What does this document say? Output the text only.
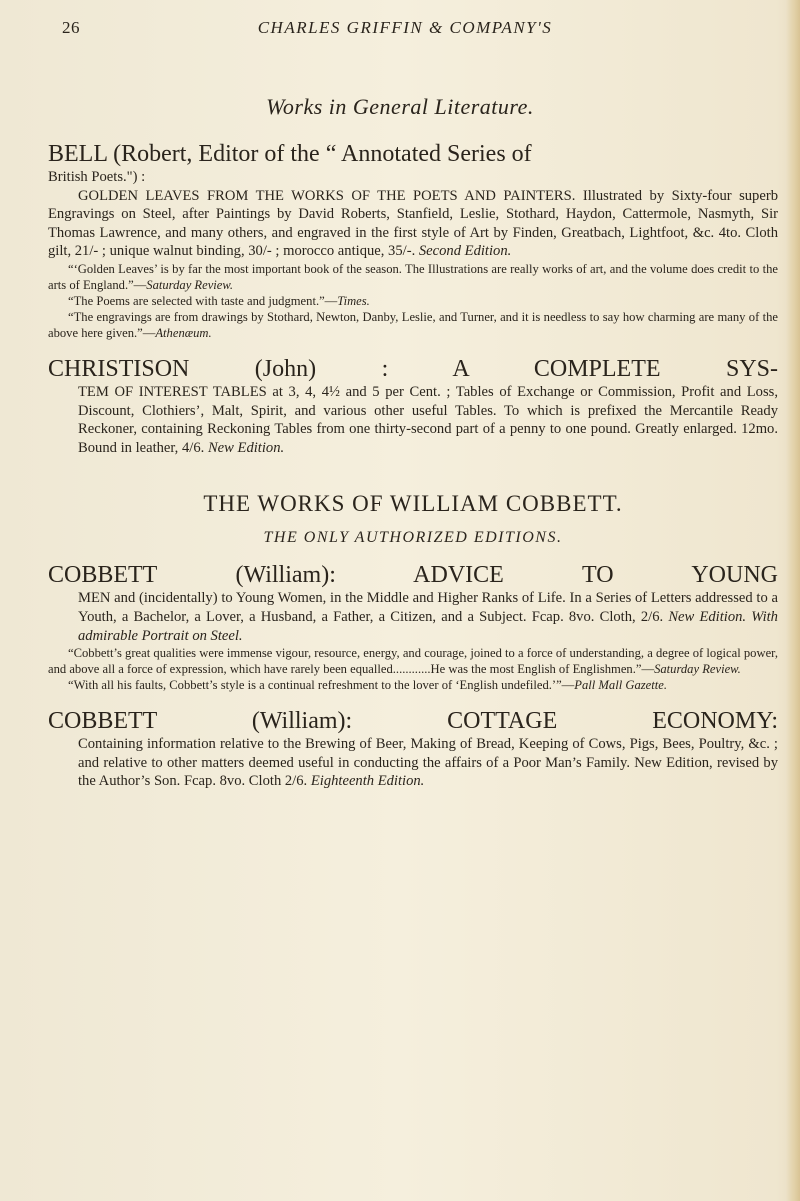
26	CHARLES GRIFFIN & COMPANY'S
Works in General Literature.

BELL (Robert, Editor of the “ Annotated Series of

British Poets.") :

GOLDEN LEAVES FROM THE WORKS OF THE POETS AND PAINTERS. Illustrated by Sixty-four superb Engravings on Steel, after Paintings by David Roberts, Stanfield, Leslie, Stothard, Haydon, Cattermole, Nasmyth, Sir Thomas Lawrence, and many others, and engraved in the first style of Art by Finden, Greatbach, Lightfoot, &c. 4to. Cloth gilt, 21/- ; unique walnut binding, 30/- ; morocco antique, 35/-. Second Edition.

“‘Golden Leaves’ is by far the most important book of the season. The Illustrations are really works of art, and the volume does credit to the arts of England.”—Saturday Review.

“The Poems are selected with taste and judgment.”—Times.

“The engravings are from drawings by Stothard, Newton, Danby, Leslie, and Turner, and it is needless to say how charming are many of the above here given.”—Athenæum.

CHRISTISON (John) : A COMPLETE SYS-

TEM OF INTEREST TABLES at 3, 4, 4½ and 5 per Cent. ; Tables of Exchange or Commission, Profit and Loss, Discount, Clothiers’, Malt, Spirit, and various other useful Tables. To which is prefixed the Mercantile Ready Reckoner, containing Reckoning Tables from one thirty-second part of a penny to one pound. Greatly enlarged. 12mo. Bound in leather, 4/6. New Edition.

THE WORKS OF WILLIAM COBBETT.

THE ONLY AUTHORIZED EDITIONS.

COBBETT (William): ADVICE TO YOUNG

MEN and (incidentally) to Young Women, in the Middle and Higher Ranks of Life. In a Series of Letters addressed to a Youth, a Bachelor, a Lover, a Husband, a Father, a Citizen, and a Subject. Fcap. 8vo. Cloth, 2/6. New Edition. With admirable Portrait on Steel.

“Cobbett’s great qualities were immense vigour, resource, energy, and courage, joined to a force of understanding, a degree of logical power, and above all a force of expression, which have rarely been equalled............He was the most English of Englishmen.”—Saturday Review.

“With all his faults, Cobbett’s style is a continual refreshment to the lover of ‘English undefiled.’”—Pall Mall Gazette.

COBBETT (William): COTTAGE ECONOMY:

Containing information relative to the Brewing of Beer, Making of Bread, Keeping of Cows, Pigs, Bees, Poultry, &c. ; and relative to other matters deemed useful in conducting the affairs of a Poor Man’s Family. New Edition, revised by the Author’s Son. Fcap. 8vo. Cloth 2/6. Eighteenth Edition.
